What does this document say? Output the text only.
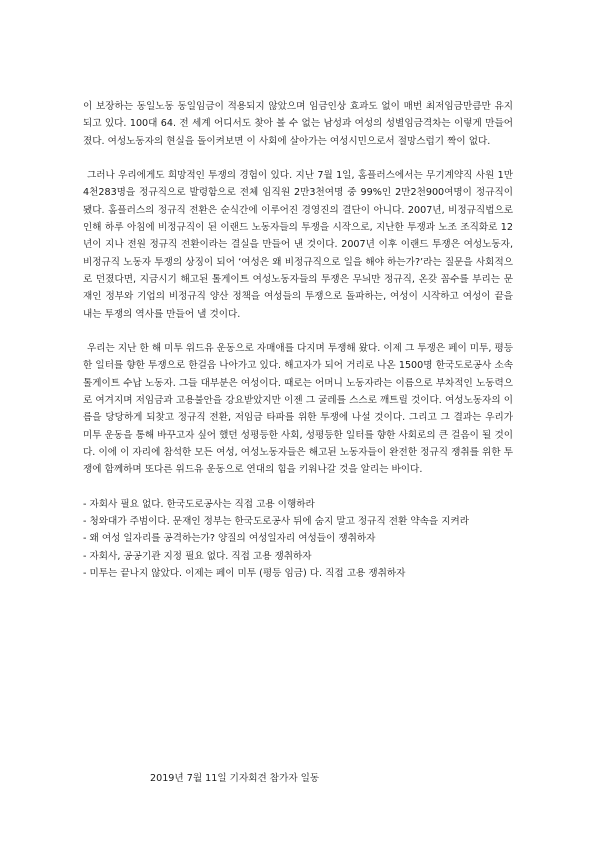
이 보장하는 동일노동 동일임금이 적용되지 않았으며 임금인상 효과도 없이 매번 최저임금만큼만 유지되고 있다. 100대 64. 전 세계 어디서도 찾아 볼 수 없는 남성과 여성의 성별임금격차는 이렇게 만들어졌다. 여성노동자의 현실을 돌이켜보면 이 사회에 살아가는 여성시민으로서 절망스럽기 짝이 없다.

그러나 우리에게도 희망적인 투쟁의 경험이 있다. 지난 7월 1일, 홈플러스에서는 무기계약직 사원 1만4천283명을 정규직으로 발령함으로 전체 임직원 2만3천여명 중 99%인 2만2천900여명이 정규직이 됐다. 홈플러스의 정규직 전환은 순식간에 이루어진 경영진의 결단이 아니다. 2007년, 비정규직법으로 인해 하루 아침에 비정규직이 된 이랜드 노동자들의 투쟁을 시작으로, 지난한 투쟁과 노조 조직화로 12년이 지나 전원 정규직 전환이라는 결실을 만들어 낸 것이다. 2007년 이후 이랜드 투쟁은 여성노동자, 비정규직 노동자 투쟁의 상징이 되어 ‘여성은 왜 비정규직으로 일을 해야 하는가?’라는 질문을 사회적으로 던졌다면, 지금시기 해고된 톨게이트 여성노동자들의 투쟁은 무늬만 정규직, 온갖 꼼수를 부리는 문재인 정부와 기업의 비정규직 양산 정책을 여성들의 투쟁으로 돌파하는, 여성이 시작하고 여성이 끝을 내는 투쟁의 역사를 만들어 낼 것이다.

우리는 지난 한 해 미투 위드유 운동으로 자매애를 다지며 투쟁해 왔다. 이제 그 투쟁은 페이 미투, 평등한 일터를 향한 투쟁으로 한걸음 나아가고 있다. 해고자가 되어 거리로 나온 1500명 한국도로공사 소속 톨게이트 수납 노동자. 그들 대부분은 여성이다. 때로는 어머니 노동자라는 이름으로 부차적인 노동력으로 여겨지며 저임금과 고용불안을 강요받았지만 이젠 그 굴레를 스스로 깨트릴 것이다. 여성노동자의 이름을 당당하게 되찾고 정규직 전환, 저임금 타파를 위한 투쟁에 나설 것이다. 그리고 그 결과는 우리가 미투 운동을 통해 바꾸고자 싶어 했던 성평등한 사회, 성평등한 일터를 향한 사회로의 큰 걸음이 될 것이다. 이에 이 자리에 참석한 모든 여성, 여성노동자들은 해고된 노동자들이 완전한 정규직 쟁취를 위한 투쟁에 함께하며 또다른 위드유 운동으로 연대의 힘을 키워나갈 것을 알리는 바이다.

- 자회사 필요 없다. 한국도로공사는 직접 고용 이행하라
- 청와대가 주범이다. 문재인 정부는 한국도로공사 뒤에 숨지 말고 정규직 전환 약속을 지켜라
- 왜 여성 일자리를 공격하는가? 양질의 여성일자리 여성들이 쟁취하자
- 자회사, 공공기관 지정 필요 없다. 직접 고용 쟁취하자
- 미투는 끝나지 않았다. 이제는 페이 미투 (평등 임금) 다. 직접 고용 쟁취하자
2019년 7월 11일 기자회견 참가자 일동
